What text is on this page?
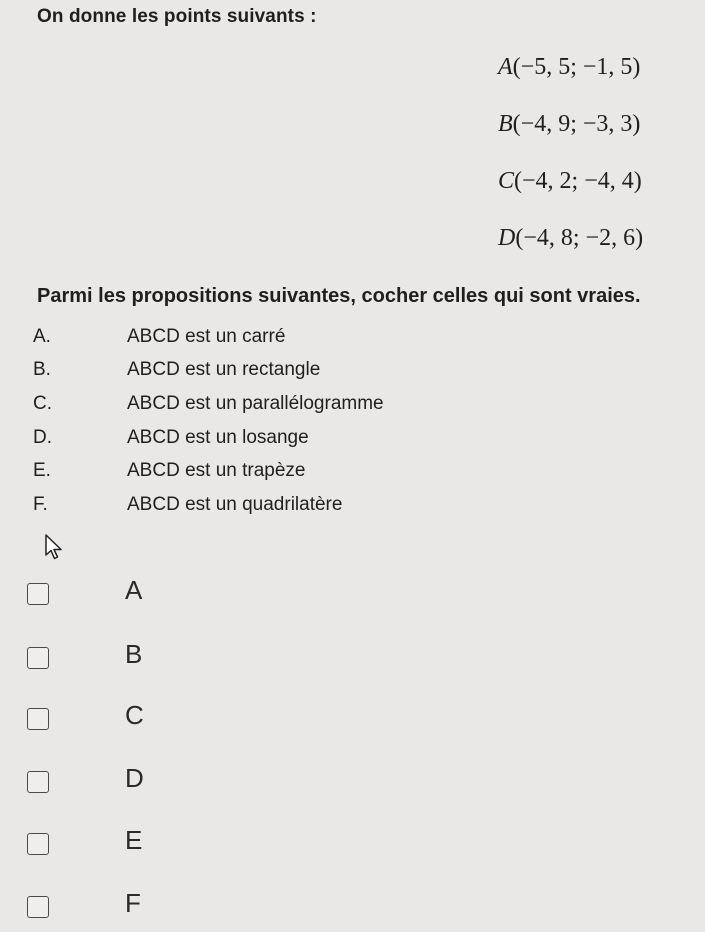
On donne les points suivants :
A(−5, 5; −1, 5)
B(−4, 9; −3, 3)
C(−4, 2; −4, 4)
D(−4, 8; −2, 6)
Parmi les propositions suivantes, cocher celles qui sont vraies.
A.	ABCD est un carré
B.	ABCD est un rectangle
C.	ABCD est un parallélogramme
D.	ABCD est un losange
E.	ABCD est un trapèze
F.	ABCD est un quadrilatère
A
B
C
D
E
F
